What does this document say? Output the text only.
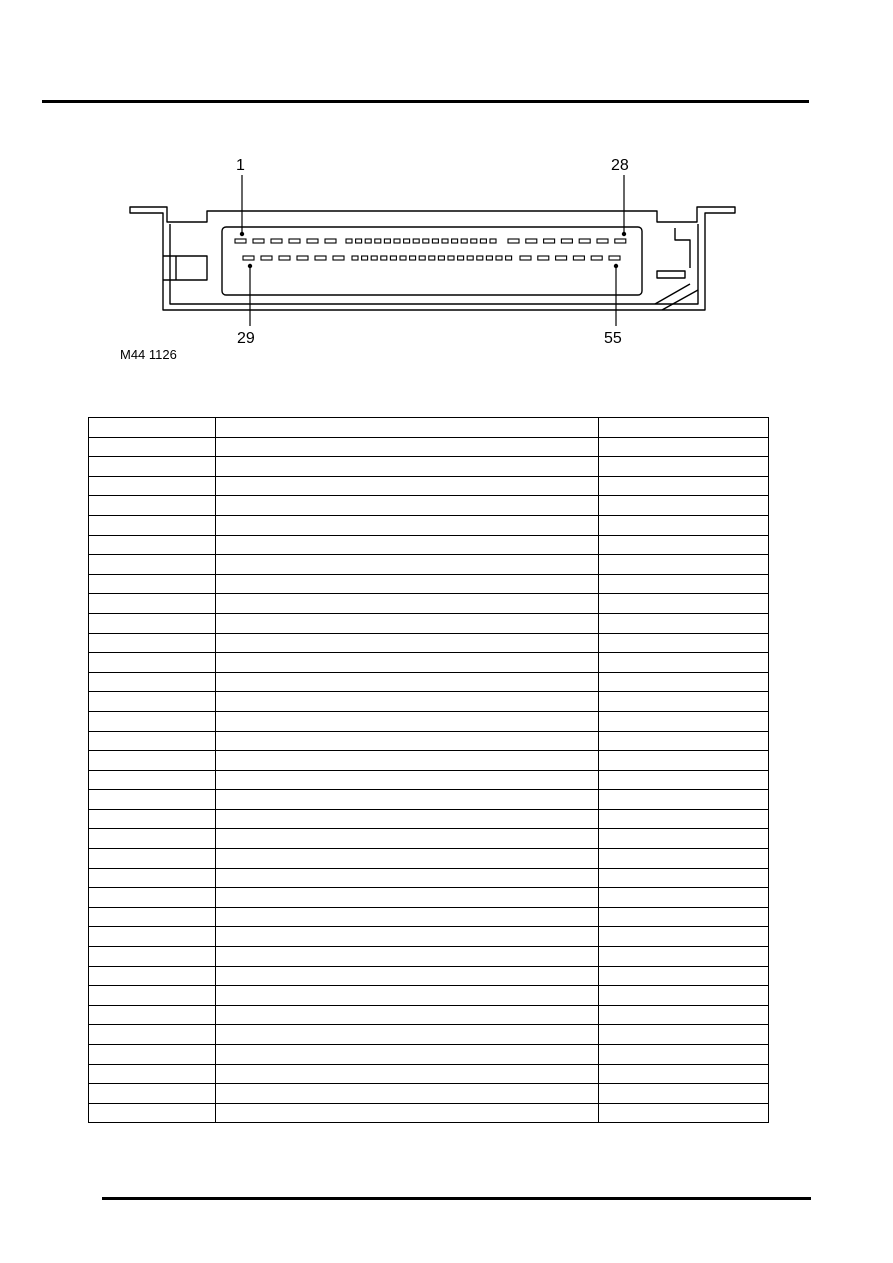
1	28
29	55
M44 1126
